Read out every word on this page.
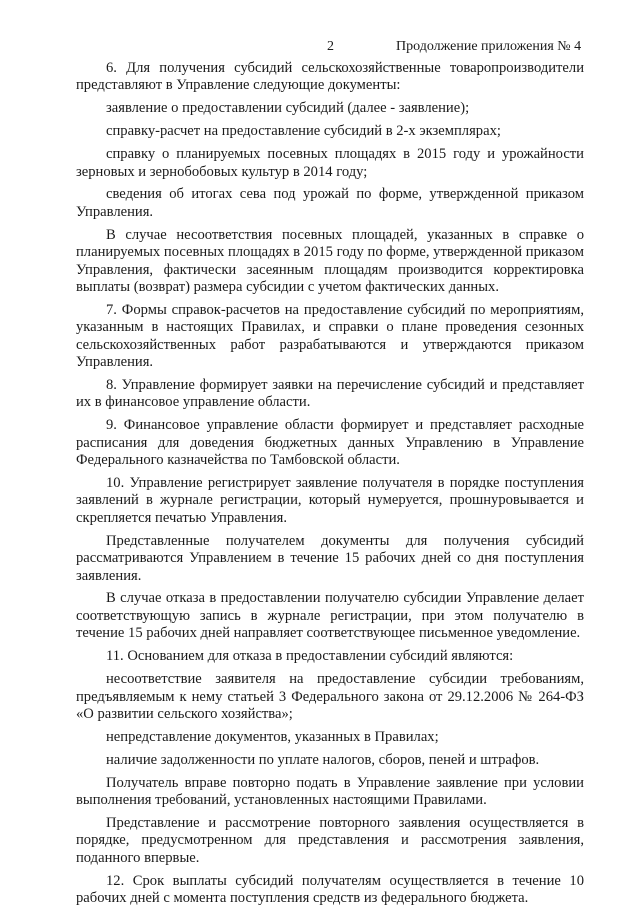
2	Продолжение приложения № 4

6. Для получения субсидий сельскохозяйственные товаропроизводители представляют в Управление следующие документы:

заявление о предоставлении субсидий (далее - заявление);

справку-расчет на предоставление субсидий в 2-х экземплярах;

справку о планируемых посевных площадях в 2015 году и урожайности зерновых и зернобобовых культур в 2014 году;

сведения об итогах сева под урожай по форме, утвержденной приказом Управления.

В случае несоответствия посевных площадей, указанных в справке о планируемых посевных площадях в 2015 году по форме, утвержденной приказом Управления, фактически засеянным площадям производится корректировка выплаты (возврат) размера субсидии с учетом фактических данных.

7. Формы справок-расчетов на предоставление субсидий по мероприятиям, указанным в настоящих Правилах, и справки о плане проведения сезонных сельскохозяйственных работ разрабатываются и утверждаются приказом Управления.

8. Управление формирует заявки на перечисление субсидий и представляет их в финансовое управление области.

9. Финансовое управление области формирует и представляет расходные расписания для доведения бюджетных данных Управлению в Управление Федерального казначейства по Тамбовской области.

10. Управление регистрирует заявление получателя в порядке поступления заявлений в журнале регистрации, который нумеруется, прошнуровывается и скрепляется печатью Управления.

Представленные получателем документы для получения субсидий рассматриваются Управлением в течение 15 рабочих дней со дня поступления заявления.

В случае отказа в предоставлении получателю субсидии Управление делает соответствующую запись в журнале регистрации, при этом получателю в течение 15 рабочих дней направляет соответствующее письменное уведомление.

11. Основанием для отказа в предоставлении субсидий являются:

несоответствие заявителя на предоставление субсидии требованиям, предъявляемым к нему статьей 3 Федерального закона от 29.12.2006 № 264-ФЗ «О развитии сельского хозяйства»;

непредставление документов, указанных в Правилах;

наличие задолженности по уплате налогов, сборов, пеней и штрафов.

Получатель вправе повторно подать в Управление заявление при условии выполнения требований, установленных настоящими Правилами.

Представление и рассмотрение повторного заявления осуществляется в порядке, предусмотренном для представления и рассмотрения заявления, поданного впервые.

12. Срок выплаты субсидий получателям осуществляется в течение 10 рабочих дней с момента поступления средств из федерального бюджета.
